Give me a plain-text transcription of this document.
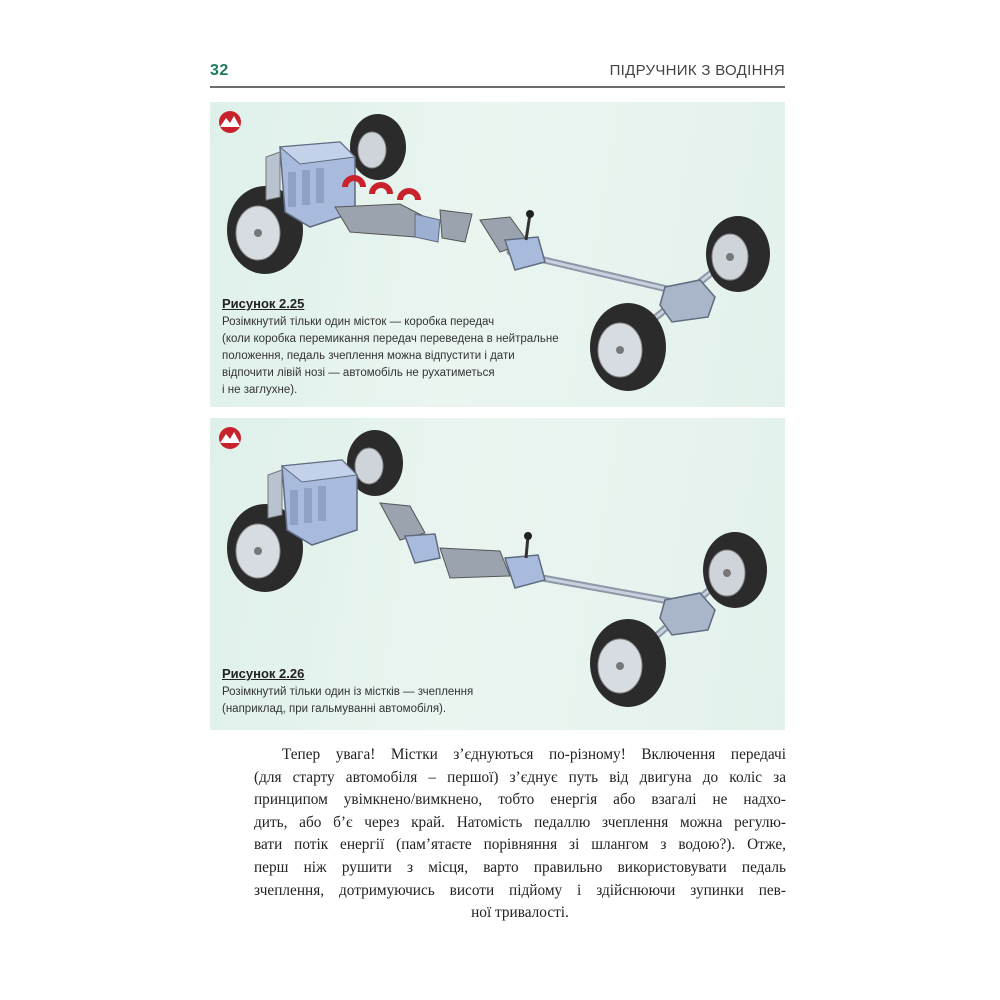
32	ПІДРУЧНИК З ВОДІННЯ
Рисунок 2.25
Розімкнутий тільки один місток — коробка передач
(коли коробка перемикання передач переведена в нейтральне
положення, педаль зчеплення можна відпустити і дати
відпочити лівій нозі — автомобіль не рухатиметься
і не заглухне).
Рисунок 2.26
Розімкнутий тільки один із містків — зчеплення
(наприклад, при гальмуванні автомобіля).
Тепер увага! Містки з’єднуються по-різному! Включення передачі
(для старту автомобіля – першої) з’єднує путь від двигуна до коліс за
принципом увімкнено/вимкнено, тобто енергія або взагалі не надхо-
дить, або б’є через край. Натомість педаллю зчеплення можна регулю-
вати потік енергії (пам’ятаєте порівняння зі шлангом з водою?). Отже,
перш ніж рушити з місця, варто правильно використовувати педаль
зчеплення, дотримуючись висоти підйому і здійснюючи зупинки пев-
ної тривалості.
